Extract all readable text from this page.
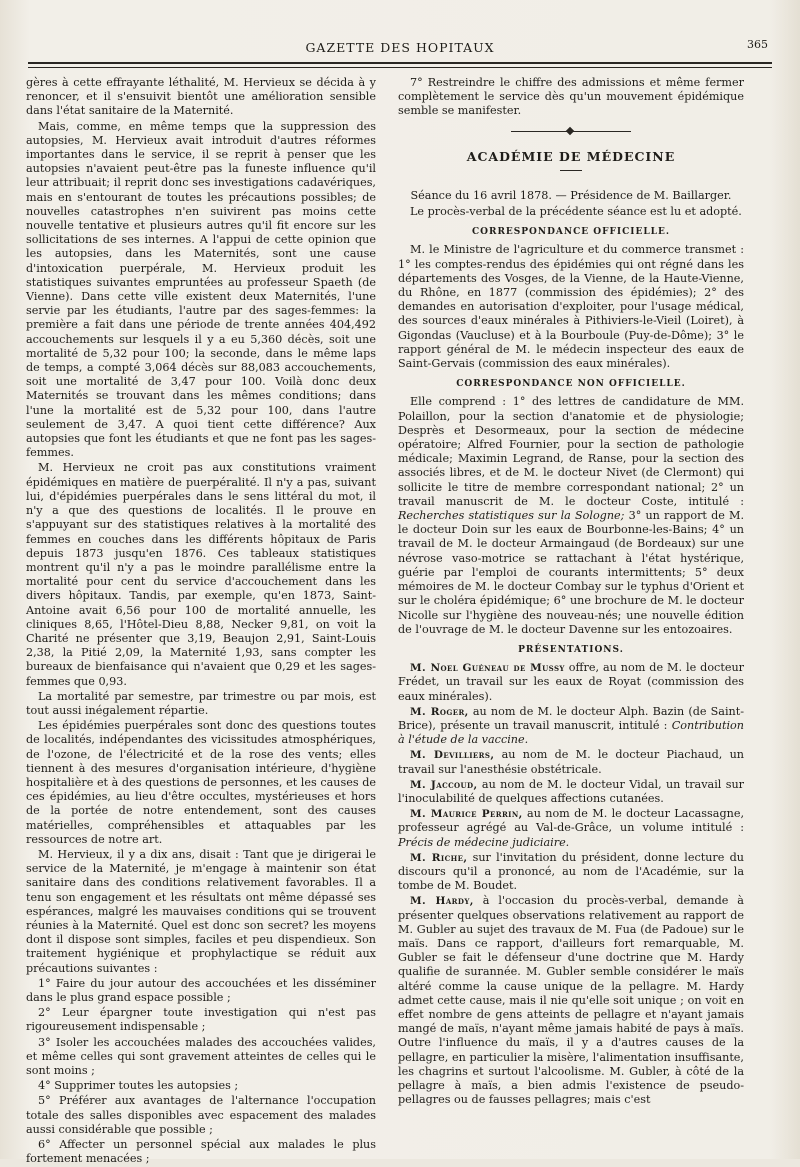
GAZETTE DES HOPITAUX	365

gères à cette effrayante léthalité, M. Hervieux se décida à y renoncer, et il s'ensuivit bientôt une amélioration sensible dans l'état sanitaire de la Maternité.

Mais, comme, en même temps que la suppression des autopsies, M. Hervieux avait introduit d'autres réformes importantes dans le service, il se reprit à penser que les autopsies n'avaient peut-être pas la funeste influence qu'il leur attribuait; il reprit donc ses investigations cadavériques, mais en s'entourant de toutes les précautions possibles; de nouvelles catastrophes n'en suivirent pas moins cette nouvelle tentative et plusieurs autres qu'il fit encore sur les sollicitations de ses internes. A l'appui de cette opinion que les autopsies, dans les Maternités, sont une cause d'intoxication puerpérale, M. Hervieux produit les statistiques suivantes empruntées au professeur Spaeth (de Vienne). Dans cette ville existent deux Maternités, l'une servie par les étudiants, l'autre par des sages-femmes: la première a fait dans une période de trente années 404,492 accouchements sur lesquels il y a eu 5,360 décès, soit une mortalité de 5,32 pour 100; la seconde, dans le même laps de temps, a compté 3,064 décès sur 88,083 accouchements, soit une mortalité de 3,47 pour 100. Voilà donc deux Maternités se trouvant dans les mêmes conditions; dans l'une la mortalité est de 5,32 pour 100, dans l'autre seulement de 3,47. A quoi tient cette différence? Aux autopsies que font les étudiants et que ne font pas les sages-femmes.

M. Hervieux ne croit pas aux constitutions vraiment épidémiques en matière de puerpéralité. Il n'y a pas, suivant lui, d'épidémies puerpérales dans le sens littéral du mot, il n'y a que des questions de localités. Il le prouve en s'appuyant sur des statistiques relatives à la mortalité des femmes en couches dans les différents hôpitaux de Paris depuis 1873 jusqu'en 1876. Ces tableaux statistiques montrent qu'il n'y a pas le moindre parallélisme entre la mortalité pour cent du service d'accouchement dans les divers hôpitaux. Tandis, par exemple, qu'en 1873, Saint-Antoine avait 6,56 pour 100 de mortalité annuelle, les cliniques 8,65, l'Hôtel-Dieu 8,88, Necker 9,81, on voit la Charité ne présenter que 3,19, Beaujon 2,91, Saint-Louis 2,38, la Pitié 2,09, la Maternité 1,93, sans compter les bureaux de bienfaisance qui n'avaient que 0,29 et les sages-femmes que 0,93.

La mortalité par semestre, par trimestre ou par mois, est tout aussi inégalement répartie.

Les épidémies puerpérales sont donc des questions toutes de localités, indépendantes des vicissitudes atmosphériques, de l'ozone, de l'électricité et de la rose des vents; elles tiennent à des mesures d'organisation intérieure, d'hygiène hospitalière et à des questions de personnes, et les causes de ces épidémies, au lieu d'être occultes, mystérieuses et hors de la portée de notre entendement, sont des causes matérielles, compréhensibles et attaquables par les ressources de notre art.

M. Hervieux, il y a dix ans, disait : Tant que je dirigerai le service de la Maternité, je m'engage à maintenir son état sanitaire dans des conditions relativement favorables. Il a tenu son engagement et les résultats ont même dépassé ses espérances, malgré les mauvaises conditions qui se trouvent réunies à la Maternité. Quel est donc son secret? les moyens dont il dispose sont simples, faciles et peu dispendieux. Son traitement hygiénique et prophylactique se réduit aux précautions suivantes :

1° Faire du jour autour des accouchées et les disséminer dans le plus grand espace possible ;

2° Leur épargner toute investigation qui n'est pas rigoureusement indispensable ;

3° Isoler les accouchées malades des accouchées valides, et même celles qui sont gravement atteintes de celles qui le sont moins ;

4° Supprimer toutes les autopsies ;

5° Préférer aux avantages de l'alternance l'occupation totale des salles disponibles avec espacement des malades aussi considérable que possible ;

6° Affecter un personnel spécial aux malades le plus fortement menacées ;

7° Restreindre le chiffre des admissions et même fermer complètement le service dès qu'un mouvement épidémique semble se manifester.

ACADÉMIE DE MÉDECINE

Séance du 16 avril 1878. — Présidence de M. Baillarger.

Le procès-verbal de la précédente séance est lu et adopté.

CORRESPONDANCE OFFICIELLE.

M. le Ministre de l'agriculture et du commerce transmet : 1° les comptes-rendus des épidémies qui ont régné dans les départements des Vosges, de la Vienne, de la Haute-Vienne, du Rhône, en 1877 (commission des épidémies); 2° des demandes en autorisation d'exploiter, pour l'usage médical, des sources d'eaux minérales à Pithiviers-le-Vieil (Loiret), à Gigondas (Vaucluse) et à la Bourboule (Puy-de-Dôme); 3° le rapport général de M. le médecin inspecteur des eaux de Saint-Gervais (commission des eaux minérales).

CORRESPONDANCE NON OFFICIELLE.

Elle comprend : 1° des lettres de candidature de MM. Polaillon, pour la section d'anatomie et de physiologie; Desprès et Desormeaux, pour la section de médecine opératoire; Alfred Fournier, pour la section de pathologie médicale; Maximin Legrand, de Ranse, pour la section des associés libres, et de M. le docteur Nivet (de Clermont) qui sollicite le titre de membre correspondant national; 2° un travail manuscrit de M. le docteur Coste, intitulé : Recherches statistiques sur la Sologne; 3° un rapport de M. le docteur Doin sur les eaux de Bourbonne-les-Bains; 4° un travail de M. le docteur Armaingaud (de Bordeaux) sur une névrose vaso-motrice se rattachant à l'état hystérique, guérie par l'emploi de courants intermittents; 5° deux mémoires de M. le docteur Combay sur le typhus d'Orient et sur le choléra épidémique; 6° une brochure de M. le docteur Nicolle sur l'hygiène des nouveau-nés; une nouvelle édition de l'ouvrage de M. le docteur Davenne sur les entozoaires.

PRÉSENTATIONS.

M. Noel Guéneau de Mussy offre, au nom de M. le docteur Frédet, un travail sur les eaux de Royat (commission des eaux minérales).

M. Roger, au nom de M. le docteur Alph. Bazin (de Saint-Brice), présente un travail manuscrit, intitulé : Contribution à l'étude de la vaccine.

M. Devilliers, au nom de M. le docteur Piachaud, un travail sur l'anesthésie obstétricale.

M. Jaccoud, au nom de M. le docteur Vidal, un travail sur l'inoculabilité de quelques affections cutanées.

M. Maurice Perrin, au nom de M. le docteur Lacassagne, professeur agrégé au Val-de-Grâce, un volume intitulé : Précis de médecine judiciaire.

M. Riche, sur l'invitation du président, donne lecture du discours qu'il a prononcé, au nom de l'Académie, sur la tombe de M. Boudet.

M. Hardy, à l'occasion du procès-verbal, demande à présenter quelques observations relativement au rapport de M. Gubler au sujet des travaux de M. Fua (de Padoue) sur le maïs. Dans ce rapport, d'ailleurs fort remarquable, M. Gubler se fait le défenseur d'une doctrine que M. Hardy qualifie de surannée. M. Gubler semble considérer le maïs altéré comme la cause unique de la pellagre. M. Hardy admet cette cause, mais il nie qu'elle soit unique ; on voit en effet nombre de gens atteints de pellagre et n'ayant jamais mangé de maïs, n'ayant même jamais habité de pays à maïs. Outre l'influence du maïs, il y a d'autres causes de la pellagre, en particulier la misère, l'alimentation insuffisante, les chagrins et surtout l'alcoolisme. M. Gubler, à côté de la pellagre à maïs, a bien admis l'existence de pseudo-pellagres ou de fausses pellagres; mais c'est
